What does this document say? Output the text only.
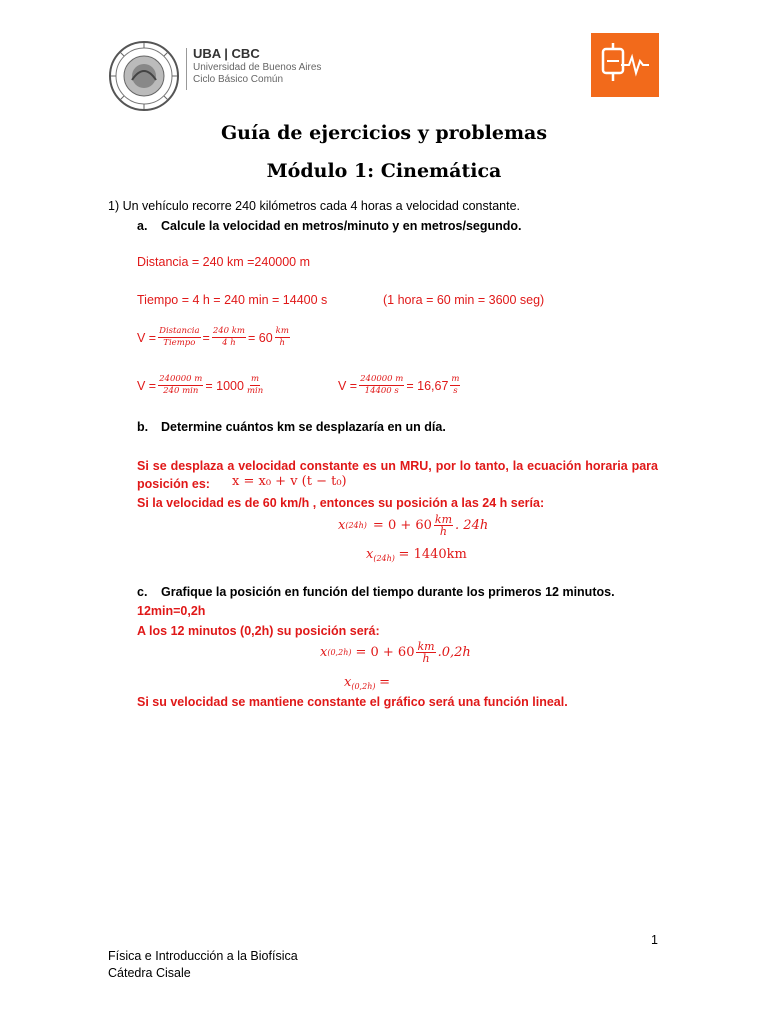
UBA | CBC
Universidad de Buenos Aires
Ciclo Básico Común
Guía de ejercicios y problemas
Módulo 1: Cinemática
1) Un vehículo recorre 240 kilómetros cada 4 horas a velocidad constante.
a. Calcule la velocidad en metros/minuto y en metros/segundo.
Distancia = 240 km =240000 m
Tiempo = 4 h = 240 min = 14400 s	(1 hora = 60 min = 3600 seg)
$V = \frac{\text{Distancia}}{\text{Tiempo}} = \frac{240 km}{4 h} = 60 \frac{km}{h}$
$V = \frac{240000 m}{240 \min} = 1000 \frac{m}{\min}$	$V = \frac{240000 m}{14400 s} = 16,67 \frac{m}{s}$
b. Determine cuántos km se desplazaría en un día.
Si se desplaza a velocidad constante es un MRU, por lo tanto, la ecuación horaria para
posición es: x = x₀ + v (t − t₀)
Si la velocidad es de 60 km/h , entonces su posición a las 24 h sería:
x $(24h) = 0 + 60 \frac{km}{h}$ . 24h
$x_{(24h)} = 1440km$
c. Grafique la posición en función del tiempo durante los primeros 12 minutos.
12min=0,2h
A los 12 minutos (0,2h) su posición será:
x $(0,2h) = 0 + 60 \frac{km}{h} .0,2h$
$x_{(0,2h)}$ =
Si su velocidad se mantiene constante el gráfico será una función lineal.
1
Física e Introducción a la Biofísica
Cátedra Cisale
